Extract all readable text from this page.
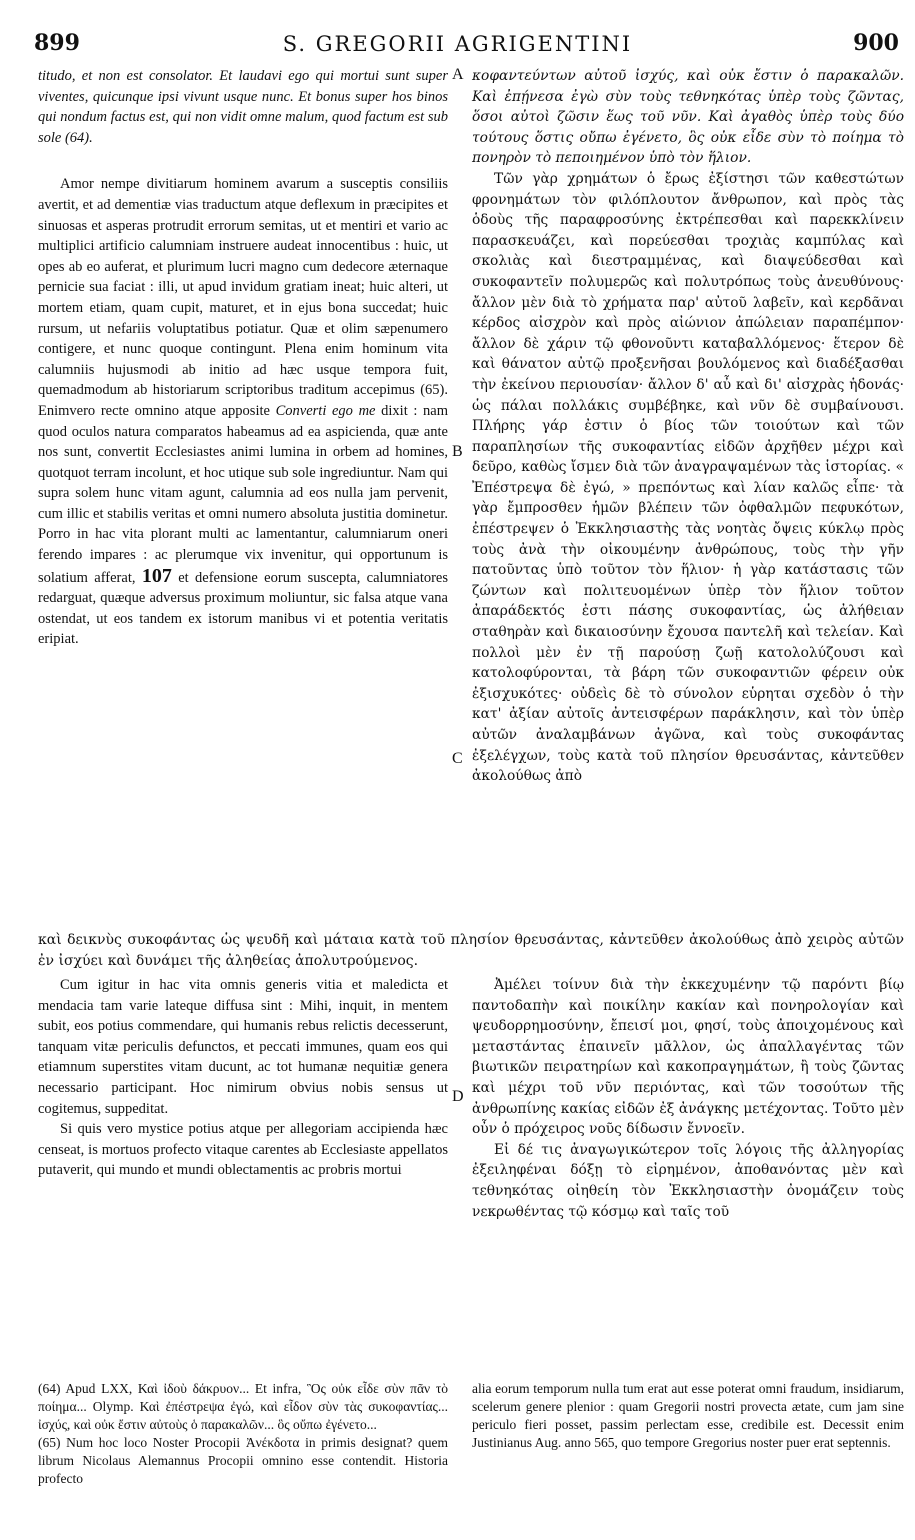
899	S. GREGORII AGRIGENTINI	900
A
B
C
D

titudo, et non est consolator. Et laudavi ego qui mortui sunt super viventes, quicunque ipsi vivunt usque nunc. Et bonus super hos binos qui nondum factus est, qui non vidit omne malum, quod factum est sub sole (64).

Amor nempe divitiarum hominem avarum a susceptis consiliis avertit, et ad dementiæ vias traductum atque deflexum in præcipites et sinuosas et asperas protrudit errorum semitas, ut et mentiri et vario ac multiplici artificio calumniam instruere audeat innocentibus : huic, ut opes ab eo auferat, et plurimum lucri magno cum dedecore æternaque pernicie sua faciat : illi, ut apud invidum gratiam ineat; huic alteri, ut mortem etiam, quam cupit, maturet, et in ejus bona succedat; huic rursum, ut nefariis voluptatibus potiatur. Quæ et olim sæpenumero contigere, et nunc quoque contingunt. Plena enim hominum vita calumniis hujusmodi ab initio ad hæc usque tempora fuit, quemadmodum ab historiarum scriptoribus traditum accepimus (65). Enimvero recte omnino atque apposite Converti ego me dixit : nam quod oculos natura comparatos habeamus ad ea aspicienda, quæ ante nos sunt, convertit Ecclesiastes animi lumina in orbem ad homines, quotquot terram incolunt, et hoc utique sub sole ingrediuntur. Nam qui supra solem hunc vitam agunt, calumnia ad eos nulla jam pervenit, cum illic et stabilis veritas et omni numero absoluta justitia dominetur. Porro in hac vita plorant multi ac lamentantur, calumniarum oneri ferendo impares : ac plerumque vix invenitur, qui opportunum is solatium afferat, 107 et defensione eorum suscepta, calumniatores redarguat, quæque adversus proximum moliuntur, sic falsa atque vana ostendat, ut eos tandem ex istorum manibus vi et potentia veritatis eripiat.

κοφαντεύντων αὐτοῦ ἰσχύς, καὶ οὐκ ἔστιν ὁ παρακαλῶν. Καὶ ἐπῄνεσα ἐγὼ σὺν τοὺς τεθνηκότας ὑπὲρ τοὺς ζῶντας, ὅσοι αὐτοὶ ζῶσιν ἕως τοῦ νῦν. Καὶ ἀγαθὸς ὑπὲρ τοὺς δύο τούτους ὅστις οὔπω ἐγένετο, ὃς οὐκ εἶδε σὺν τὸ ποίημα τὸ πονηρὸν τὸ πεποιημένον ὑπὸ τὸν ἥλιον.

Τῶν γὰρ χρημάτων ὁ ἔρως ἐξίστησι τῶν καθεστώτων φρονημάτων τὸν φιλόπλουτον ἄνθρωπον, καὶ πρὸς τὰς ὁδοὺς τῆς παραφροσύνης ἐκτρέπεσθαι καὶ παρεκκλίνειν παρασκευάζει, καὶ πορεύεσθαι τροχιὰς καμπύλας καὶ σκολιὰς καὶ διεστραμμένας, καὶ διαψεύδεσθαι καὶ συκοφαντεῖν πολυμερῶς καὶ πολυτρόπως τοὺς ἀνευθύνους· ἄλλον μὲν διὰ τὸ χρήματα παρ' αὐτοῦ λαβεῖν, καὶ κερδᾶναι κέρδος αἰσχρὸν καὶ πρὸς αἰώνιον ἀπώλειαν παραπέμπον· ἄλλον δὲ χάριν τῷ φθονοῦντι καταβαλλόμενος· ἕτερον δὲ καὶ θάνατον αὐτῷ προξενῆσαι βουλόμενος καὶ διαδέξασθαι τὴν ἐκείνου περιουσίαν· ἄλλον δ' αὖ καὶ δι' αἰσχρὰς ἡδονάς· ὡς πάλαι πολλάκις συμβέβηκε, καὶ νῦν δὲ συμβαίνουσι. Πλήρης γάρ ἐστιν ὁ βίος τῶν τοιούτων καὶ τῶν παραπλησίων τῆς συκοφαντίας εἰδῶν ἀρχῆθεν μέχρι καὶ δεῦρο, καθὼς ἴσμεν διὰ τῶν ἀναγραψαμένων τὰς ἱστορίας. « Ἐπέστρεψα δὲ ἐγώ, » πρεπόντως καὶ λίαν καλῶς εἶπε· τὰ γὰρ ἔμπροσθεν ἡμῶν βλέπειν τῶν ὀφθαλμῶν πεφυκότων, ἐπέστρεψεν ὁ Ἐκκλησιαστὴς τὰς νοητὰς ὄψεις κύκλῳ πρὸς τοὺς ἀνὰ τὴν οἰκουμένην ἀνθρώπους, τοὺς τὴν γῆν πατοῦντας ὑπὸ τοῦτον τὸν ἥλιον· ἡ γὰρ κατάστασις τῶν ζώντων καὶ πολιτευομένων ὑπὲρ τὸν ἥλιον τοῦτον ἀπαράδεκτός ἐστι πάσης συκοφαντίας, ὡς ἀλήθειαν σταθηρὰν καὶ δικαιοσύνην ἔχουσα παντελῆ καὶ τελείαν. Καὶ πολλοὶ μὲν ἐν τῇ παρούσῃ ζωῇ κατολολύζουσι καὶ κατολοφύρονται, τὰ βάρη τῶν συκοφαντιῶν φέρειν οὐκ ἐξισχυκότες· οὐδεὶς δὲ τὸ σύνολον εὑρηται σχεδὸν ὁ τὴν κατ' ἀξίαν αὐτοῖς ἀντεισφέρων παράκλησιν, καὶ τὸν ὑπὲρ αὐτῶν ἀναλαμβάνων ἀγῶνα, καὶ τοὺς συκοφάντας ἐξελέγχων, τοὺς κατὰ τοῦ πλησίον θρευσάντας, κἀντεῦθεν ἀκολούθως ἀπὸ

καὶ δεικνὺς συκοφάντας ὡς ψευδῆ καὶ μάταια κατὰ τοῦ πλησίον θρευσάντας, κἀντεῦθεν ἀκολούθως ἀπὸ χειρὸς αὐτῶν ἐν ἰσχύει καὶ δυνάμει τῆς ἀληθείας ἀπολυτρούμενος.

Cum igitur in hac vita omnis generis vitia et maledicta et mendacia tam varie lateque diffusa sint : Mihi, inquit, in mentem subit, eos potius commendare, qui humanis rebus relictis decesserunt, tanquam vitæ periculis defunctos, et peccati immunes, quam eos qui etiamnum superstites vitam ducunt, ac tot humanæ nequitiæ genera necessario participant. Hoc nimirum obvius nobis sensus ut cogitemus, suppeditat.

Si quis vero mystice potius atque per allegoriam accipienda hæc censeat, is mortuos profecto vitaque carentes ab Ecclesiaste appellatos putaverit, qui mundo et mundi oblectamentis ac probris mortui

Ἀμέλει τοίνυν διὰ τὴν ἐκκεχυμένην τῷ παρόντι βίῳ παντοδαπὴν καὶ ποικίλην κακίαν καὶ πονηρολογίαν καὶ ψευδορρημοσύνην, ἔπεισί μοι, φησί, τοὺς ἀποιχομένους καὶ μεταστάντας ἐπαινεῖν μᾶλλον, ὡς ἀπαλλαγέντας τῶν βιωτικῶν πειρατηρίων καὶ κακοπραγημάτων, ἢ τοὺς ζῶντας καὶ μέχρι τοῦ νῦν περιόντας, καὶ τῶν τοσούτων τῆς ἀνθρωπίνης κακίας εἰδῶν ἐξ ἀνάγκης μετέχοντας. Τοῦτο μὲν οὖν ὁ πρόχειρος νοῦς δίδωσιν ἔννοεῖν.

Εἰ δέ τις ἀναγωγικώτερον τοῖς λόγοις τῆς ἀλληγορίας ἐξειληφέναι δόξῃ τὸ εἰρημένον, ἀποθανόντας μὲν καὶ τεθνηκότας οἰηθείη τὸν Ἐκκλησιαστὴν ὀνομάζειν τοὺς νεκρωθέντας τῷ κόσμῳ καὶ ταῖς τοῦ

(64) Apud LXX, Καὶ ἰδοὺ δάκρυον... Et infra, Ὃς οὐκ εἶδε σὺν πᾶν τὸ ποίημα... Olymp. Καὶ ἐπέστρεψα ἐγώ, καὶ εἶδον σὺν τὰς συκοφαντίας... ἰσχύς, καὶ οὐκ ἔστιν αὐτοὺς ὁ παρακαλῶν... ὃς οὔπω ἐγένετο...

(65) Num hoc loco Noster Procopii Ἀνέκδοτα in primis designat? quem librum Nicolaus Alemannus Procopii omnino esse contendit. Historia profecto

alia eorum temporum nulla tum erat aut esse poterat omni fraudum, insidiarum, scelerum genere plenior : quam Gregorii nostri provecta ætate, cum jam sine periculo fieri posset, passim perlectam esse, credibile est. Decessit enim Justinianus Aug. anno 565, quo tempore Gregorius noster puer erat septennis.
